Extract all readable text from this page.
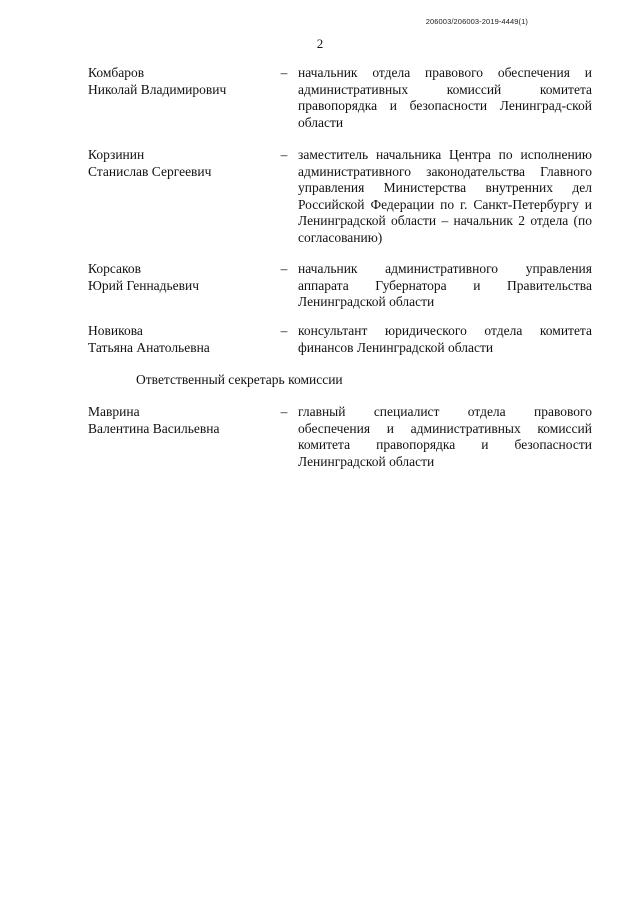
206003/206003-2019-4449(1)
2
Комбаров
Николай Владимирович
– начальник отдела правового обеспечения и административных комиссий комитета правопорядка и безопасности Ленинград-ской области
Корзинин
Станислав Сергеевич
– заместитель начальника Центра по исполнению административного законодательства Главного управления Министерства внутренних дел Российской Федерации по г. Санкт-Петербургу и Ленинградской области – начальник 2 отдела (по согласованию)
Корсаков
Юрий Геннадьевич
– начальник административного управления аппарата Губернатора и Правительства Ленинградской области
Новикова
Татьяна Анатольевна
– консультант юридического отдела комитета финансов Ленинградской области
Ответственный секретарь комиссии
Маврина
Валентина Васильевна
– главный специалист отдела правового обеспечения и административных комиссий комитета правопорядка и безопасности Ленинградской области
